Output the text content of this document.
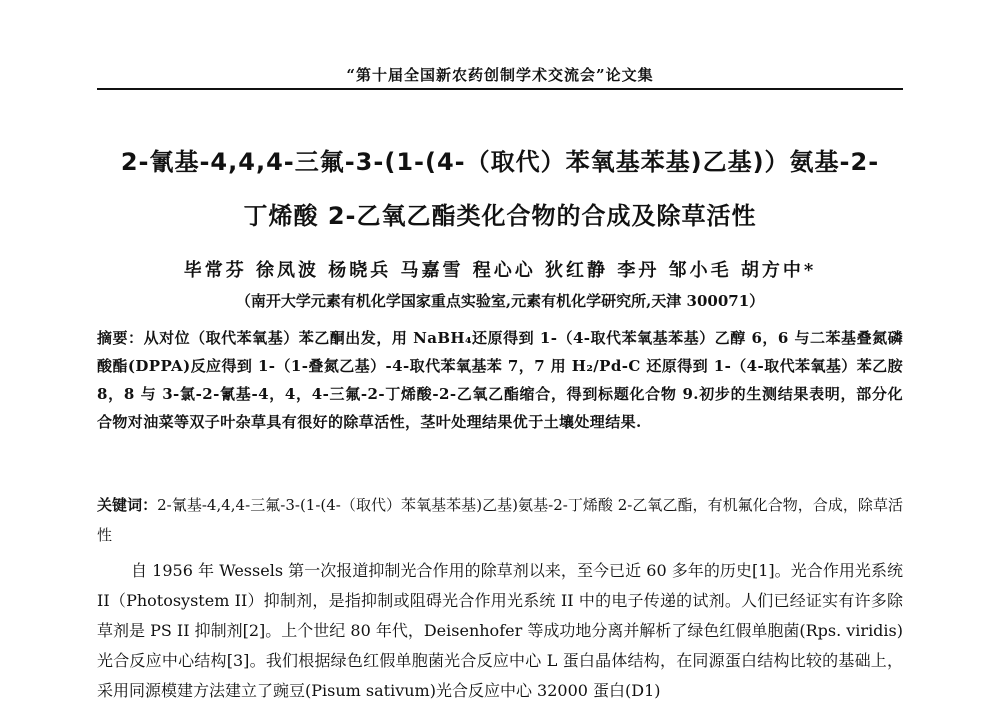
“第十届全国新农药创制学术交流会”论文集
2-氰基-4,4,4-三氟-3-(1-(4-（取代）苯氧基苯基)乙基)）氨基-2-
丁烯酸 2-乙氧乙酯类化合物的合成及除草活性
毕常芬 徐凤波 杨晓兵 马嘉雪 程心心 狄红静 李丹 邹小毛 胡方中*
（南开大学元素有机化学国家重点实验室,元素有机化学研究所,天津 300071）
摘要：从对位（取代苯氧基）苯乙酮出发，用 NaBH₄还原得到 1-（4-取代苯氧基苯基）乙醇 6，6 与二苯基叠氮磷酸酯(DPPA)反应得到 1-（1-叠氮乙基）-4-取代苯氧基苯 7，7 用 H₂/Pd-C 还原得到 1-（4-取代苯氧基）苯乙胺 8，8 与 3-氯-2-氰基-4，4，4-三氟-2-丁烯酸-2-乙氧乙酯缩合，得到标题化合物 9.初步的生测结果表明，部分化合物对油菜等双子叶杂草具有很好的除草活性，茎叶处理结果优于土壤处理结果.
关键词：2-氰基-4,4,4-三氟-3-(1-(4-（取代）苯氧基苯基)乙基)氨基-2-丁烯酸 2-乙氧乙酯，有机氟化合物，合成，除草活性
自 1956 年 Wessels 第一次报道抑制光合作用的除草剂以来，至今已近 60 多年的历史[1]。光合作用光系统 II（Photosystem II）抑制剂，是指抑制或阻碍光合作用光系统 II 中的电子传递的试剂。人们已经证实有许多除草剂是 PS II 抑制剂[2]。上个世纪 80 年代，Deisenhofer 等成功地分离并解析了绿色红假单胞菌(Rps. viridis)光合反应中心结构[3]。我们根据绿色红假单胞菌光合反应中心 L 蛋白晶体结构，在同源蛋白结构比较的基础上，采用同源模建方法建立了豌豆(Pisum sativum)光合反应中心 32000 蛋白(D1)
